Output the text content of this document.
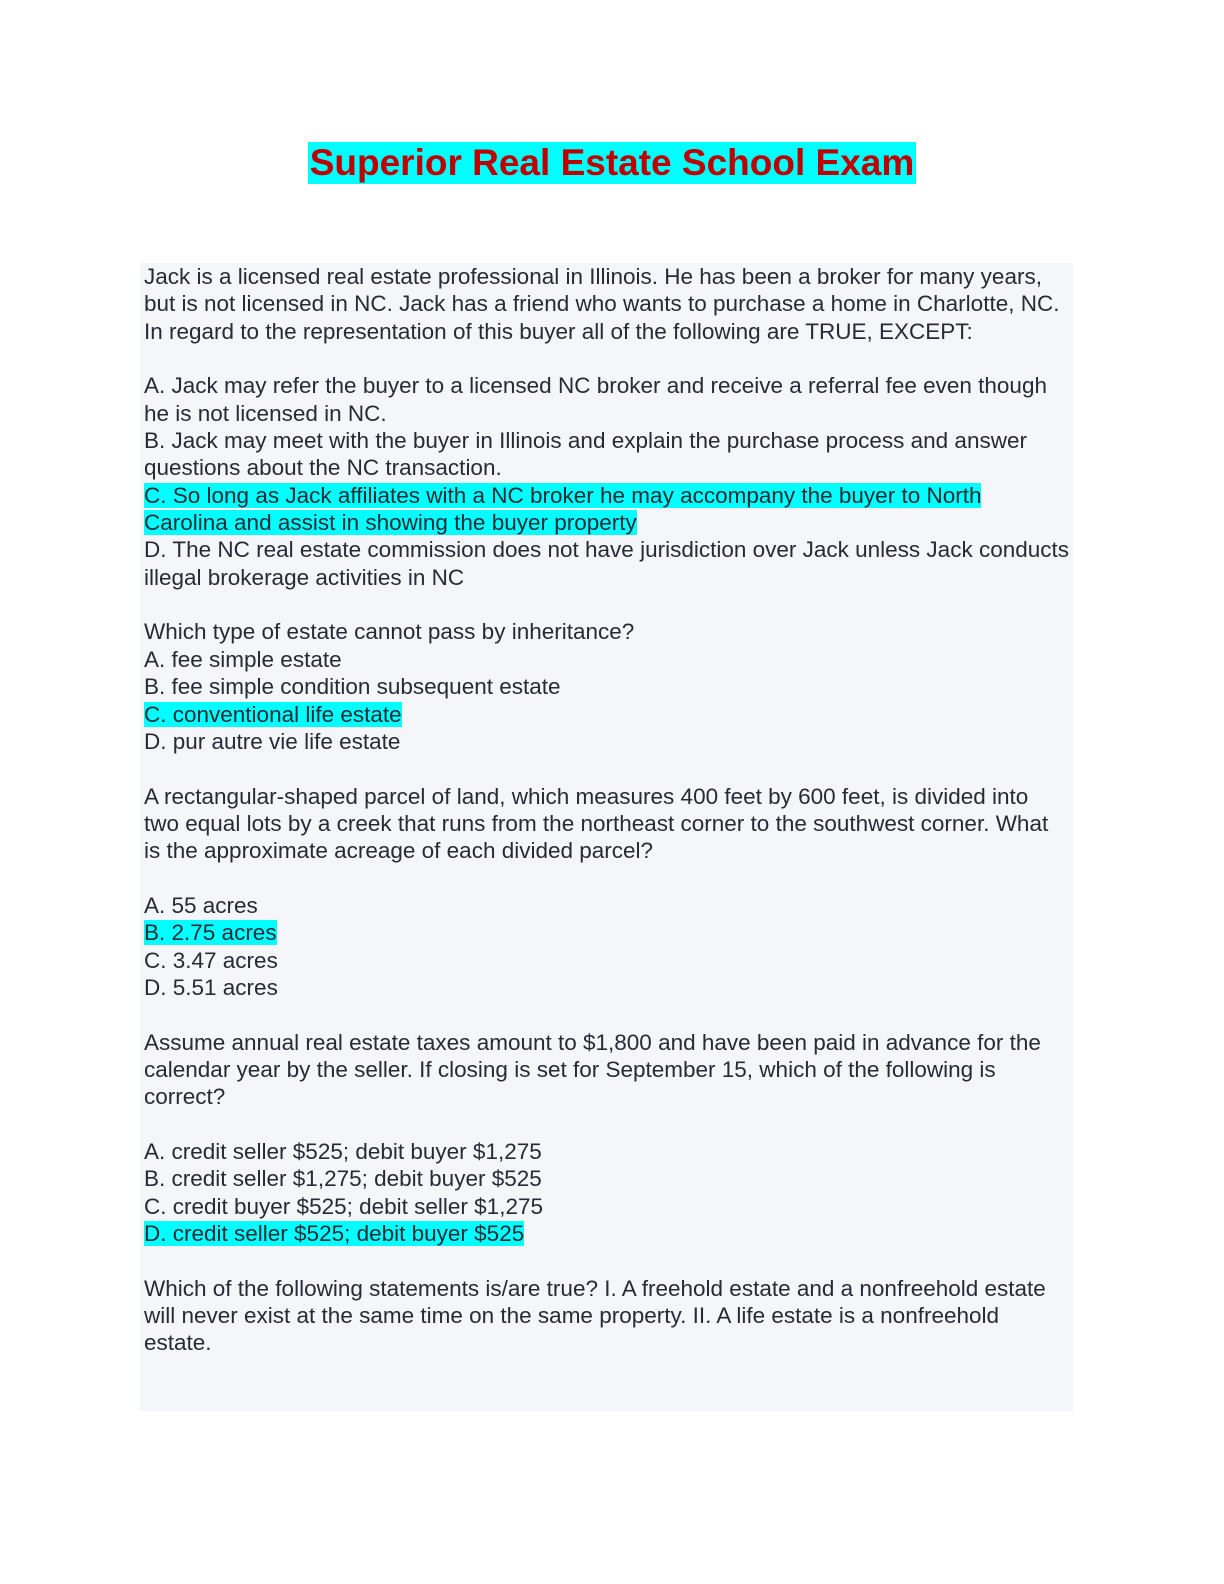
Superior Real Estate School Exam

Jack is a licensed real estate professional in Illinois. He has been a broker for many years, but is not licensed in NC. Jack has a friend who wants to purchase a home in Charlotte, NC. In regard to the representation of this buyer all of the following are TRUE, EXCEPT:

A. Jack may refer the buyer to a licensed NC broker and receive a referral fee even though he is not licensed in NC.

B. Jack may meet with the buyer in Illinois and explain the purchase process and answer questions about the NC transaction.

C. So long as Jack affiliates with a NC broker he may accompany the buyer to North Carolina and assist in showing the buyer property

D. The NC real estate commission does not have jurisdiction over Jack unless Jack conducts illegal brokerage activities in NC

Which type of estate cannot pass by inheritance?

A. fee simple estate

B. fee simple condition subsequent estate

C. conventional life estate

D. pur autre vie life estate

A rectangular-shaped parcel of land, which measures 400 feet by 600 feet, is divided into two equal lots by a creek that runs from the northeast corner to the southwest corner. What is the approximate acreage of each divided parcel?

A. 55 acres

B. 2.75 acres

C. 3.47 acres

D. 5.51 acres

Assume annual real estate taxes amount to $1,800 and have been paid in advance for the calendar year by the seller. If closing is set for September 15, which of the following is correct?

A. credit seller $525; debit buyer $1,275

B. credit seller $1,275; debit buyer $525

C. credit buyer $525; debit seller $1,275

D. credit seller $525; debit buyer $525

Which of the following statements is/are true? I. A freehold estate and a nonfreehold estate will never exist at the same time on the same property. II. A life estate is a nonfreehold estate.
